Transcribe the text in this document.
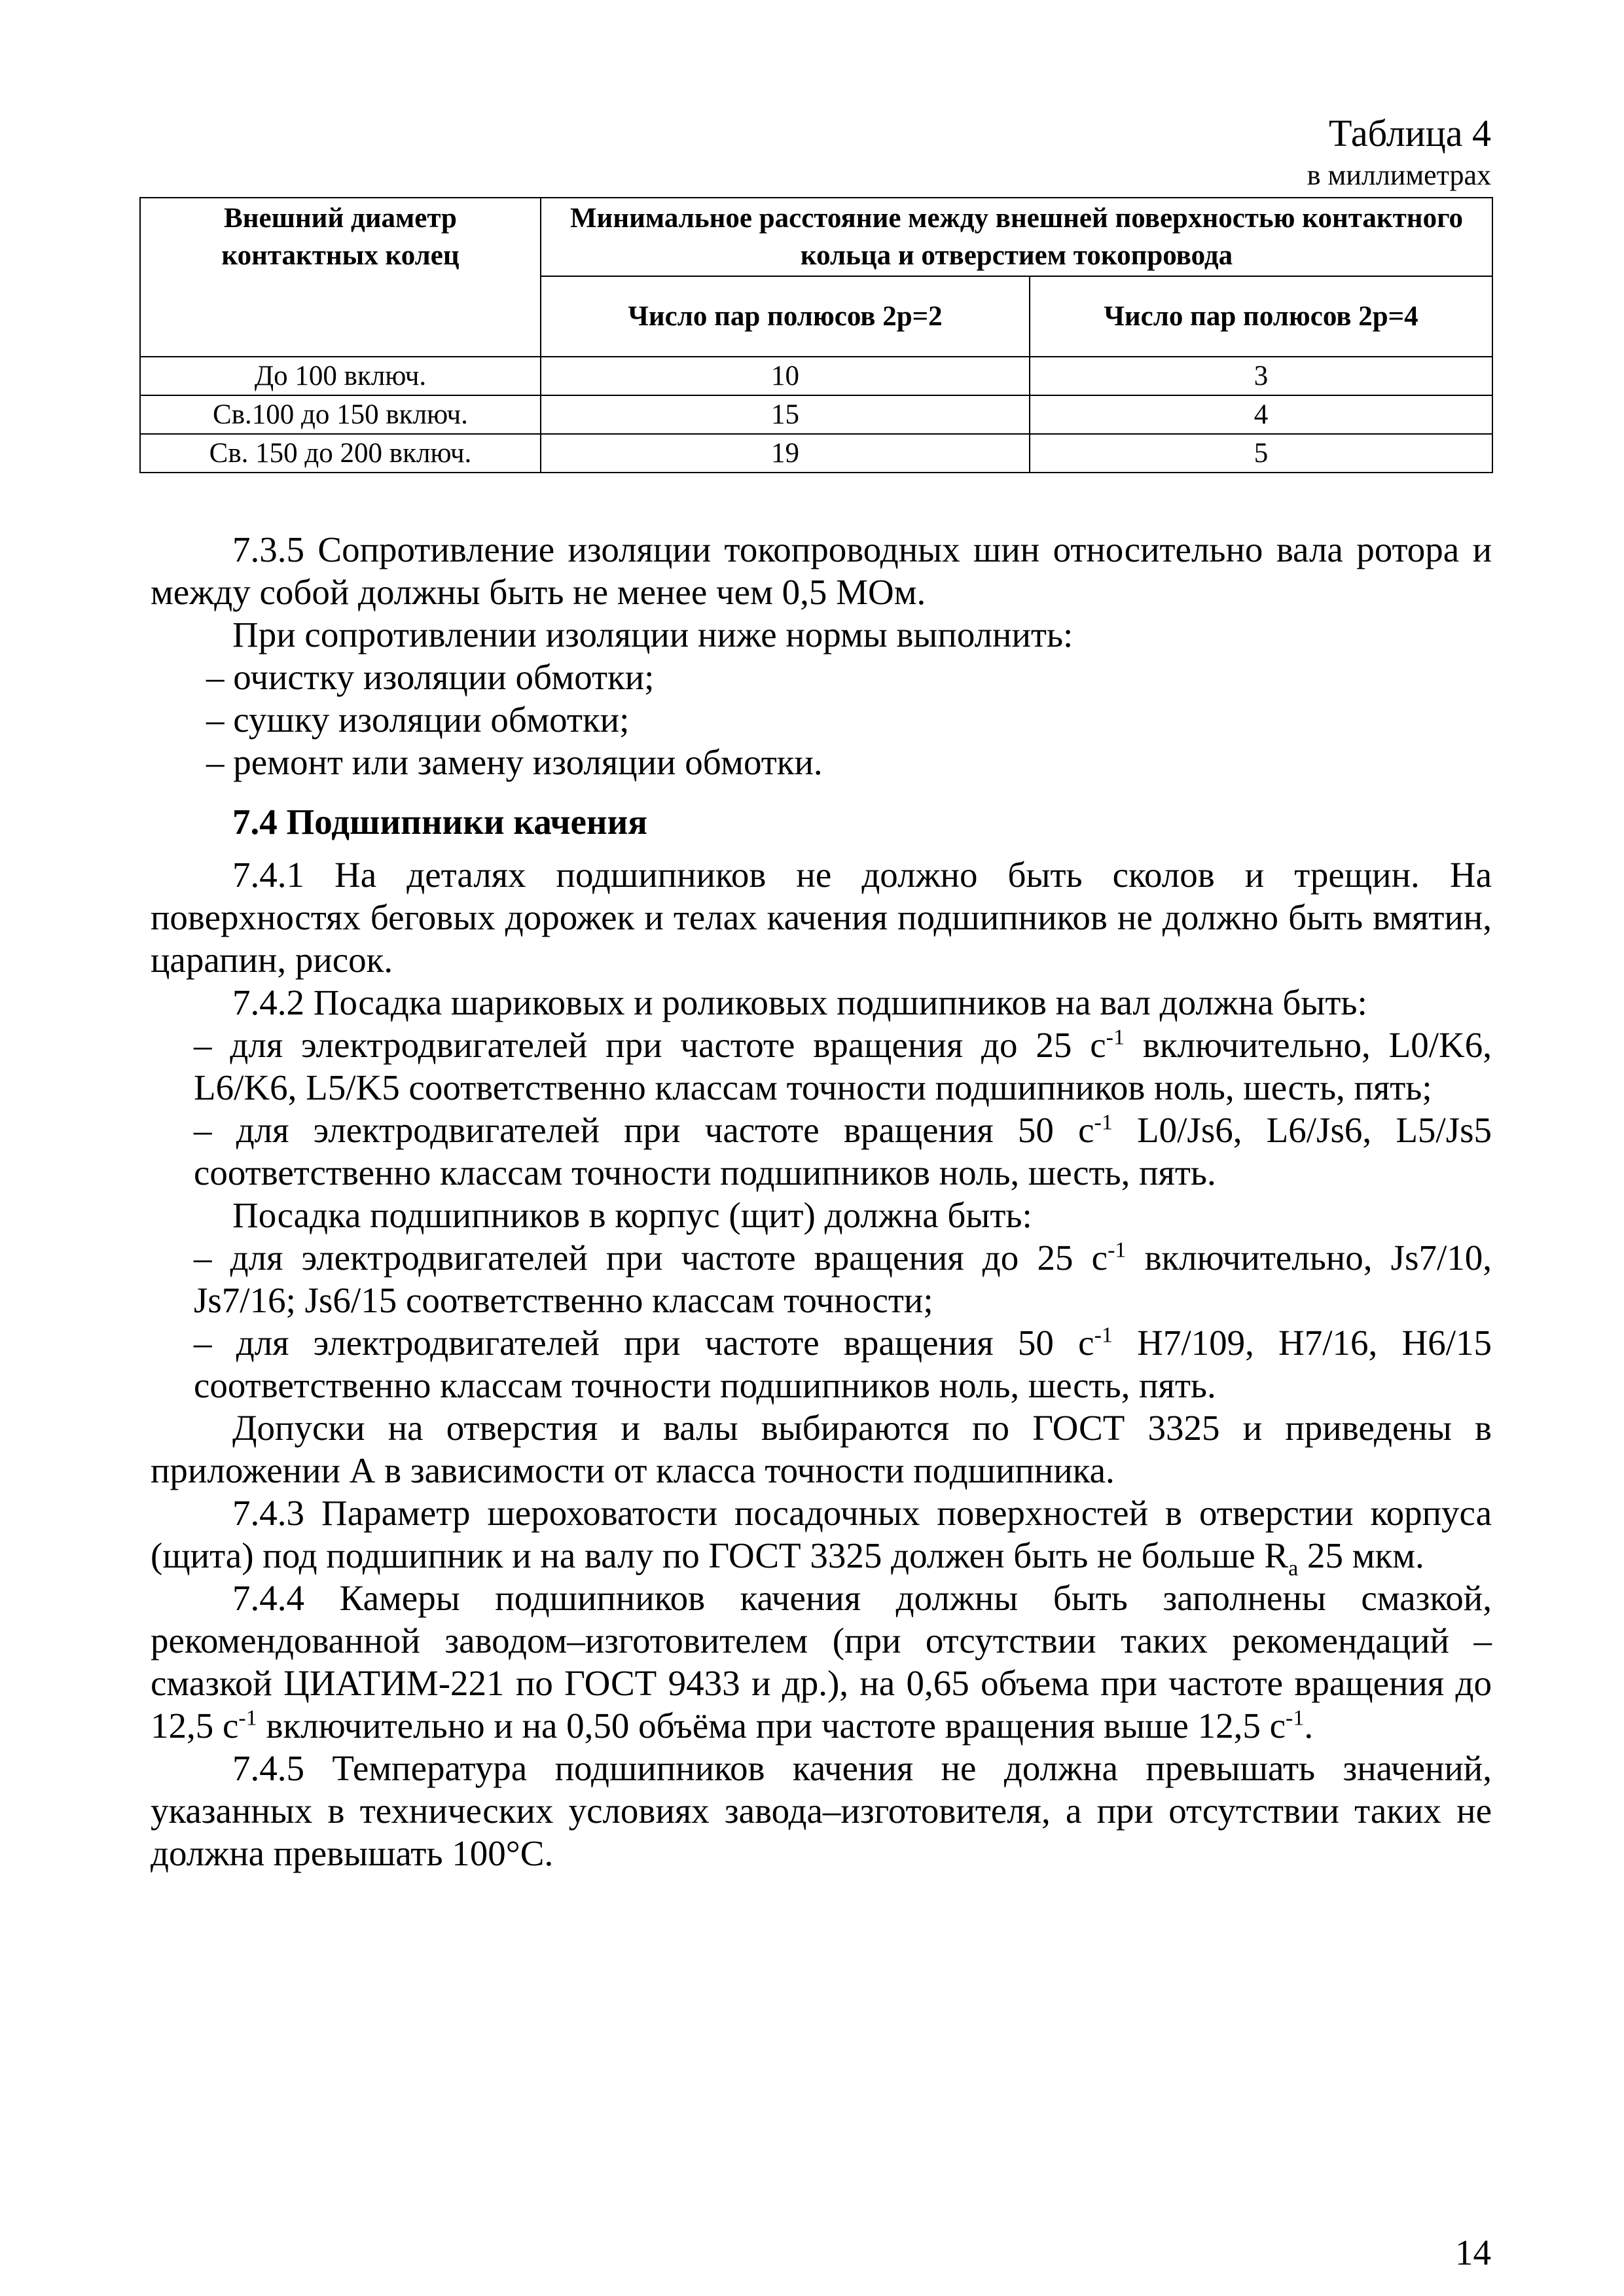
Таблица 4
в миллиметрах
Внешний диаметр контактных колец	Минимальное расстояние между внешней поверхностью контактного кольца и отверстием токопровода	
	Число пар полюсов 2p=2	Число пар полюсов 2p=4
До 100 включ.	10	3
Св.100 до 150 включ.	15	4
Св. 150 до 200 включ.	19	5

7.3.5 Сопротивление изоляции токопроводных шин относительно вала ротора и между собой должны быть не менее чем 0,5 МОм.

При сопротивлении изоляции ниже нормы выполнить:

– очистку изоляции обмотки;

– сушку изоляции обмотки;

– ремонт или замену изоляции обмотки.

7.4 Подшипники качения

7.4.1 На деталях подшипников не должно быть сколов и трещин. На поверхностях беговых дорожек и телах качения подшипников не должно быть вмятин, царапин, рисок.

7.4.2 Посадка шариковых и роликовых подшипников на вал должна быть:

– для электродвигателей при частоте вращения до 25 $с^{-1}$ включительно, L0/K6, L6/K6, L5/K5 соответственно классам точности подшипников ноль, шесть, пять;

– для электродвигателей при частоте вращения 50 $с^{-1}$ L0/Js6, L6/Js6, L5/Js5 соответственно классам точности подшипников ноль, шесть, пять.

Посадка подшипников в корпус (щит) должна быть:

– для электродвигателей при частоте вращения до 25 $с^{-1}$ включительно, Js7/10, Js7/16; Js6/15 соответственно классам точности;

– для электродвигателей при частоте вращения 50 $с^{-1}$ H7/109, H7/16, H6/15 соответственно классам точности подшипников ноль, шесть, пять.

Допуски на отверстия и валы выбираются по ГОСТ 3325 и приведены в приложении А в зависимости от класса точности подшипника.

7.4.3 Параметр шероховатости посадочных поверхностей в отверстии корпуса (щита) под подшипник и на валу по ГОСТ 3325 должен быть не больше $R_a$ 25 мкм.

7.4.4 Камеры подшипников качения должны быть заполнены смазкой, рекомендованной заводом–изготовителем (при отсутствии таких рекомендаций – смазкой ЦИАТИМ-221 по ГОСТ 9433 и др.), на 0,65 объема при частоте вращения до 12,5 $с^{-1}$ включительно и на 0,50 объёма при частоте вращения выше 12,5 $с^{-1}$.

7.4.5 Температура подшипников качения не должна превышать значений, указанных в технических условиях завода–изготовителя, а при отсутствии таких не должна превышать 100°С.

14
